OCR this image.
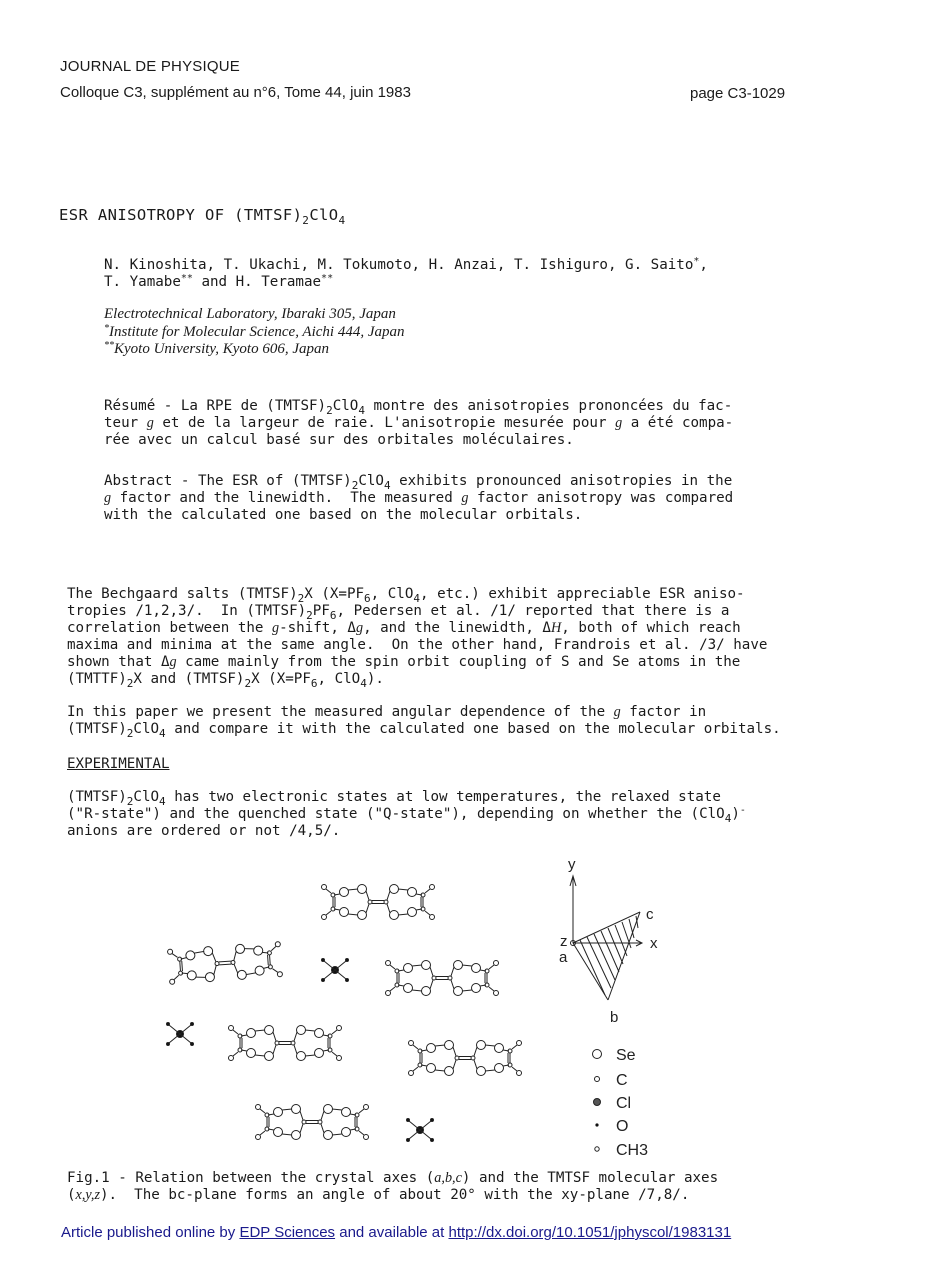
JOURNAL DE PHYSIQUE
Colloque C3, supplément au n°6, Tome 44, juin 1983	page C3-1029
ESR ANISOTROPY OF $(TMTSF)_2ClO_4$
N. Kinoshita, T. Ukachi, M. Tokumoto, H. Anzai, T. Ishiguro, G. Saito*,
T. Yamabe** and H. Teramae**
Electrotechnical Laboratory, Ibaraki 305, Japan
*Institute for Molecular Science, Aichi 444, Japan
**Kyoto University, Kyoto 606, Japan
Résumé - La RPE de $(TMTSF)_2ClO_4$ montre des anisotropies prononcées du fac-
teur g et de la largeur de raie. L'anisotropie mesurée pour g a été compa-
rée avec un calcul basé sur des orbitales moléculaires.
Abstract - The ESR of $(TMTSF)_2ClO_4$ exhibits pronounced anisotropies in the
g factor and the linewidth.  The measured g factor anisotropy was compared
with the calculated one based on the molecular orbitals.
The Bechgaard salts $(TMTSF)_2X$ ($X=PF_6$, ClO$_4$, etc.) exhibit appreciable ESR aniso-
tropies /1,2,3/.  In $(TMTSF)_2PF_6$, Pedersen et al. /1/ reported that there is a
correlation between the g-shift, Δg, and the linewidth, ΔH, both of which reach
maxima and minima at the same angle.  On the other hand, Frandrois et al. /3/ have
shown that Δg came mainly from the spin orbit coupling of S and Se atoms in the
$(TMTTF)_2X$ and $(TMTSF)_2X$ ($X=PF_6$, ClO$_4$).
In this paper we present the measured angular dependence of the g factor in
$(TMTSF)_2ClO_4$ and compare it with the calculated one based on the molecular orbitals.
EXPERIMENTAL
$(TMTSF)_2ClO_4$ has two electronic states at low temperatures, the relaxed state
("R-state") and the quenched state ("Q-state"), depending on whether the (ClO$_4$)-
anions are ordered or not /4,5/.
y
z
a
x
c
b
Se
C
Cl
O
CH3
Fig.1 - Relation between the crystal axes (a,b,c) and the TMTSF molecular axes
(x,y,z).  The bc-plane forms an angle of about 20° with the xy-plane /7,8/.
Article published online by EDP Sciences and available at http://dx.doi.org/10.1051/jphyscol/1983131
